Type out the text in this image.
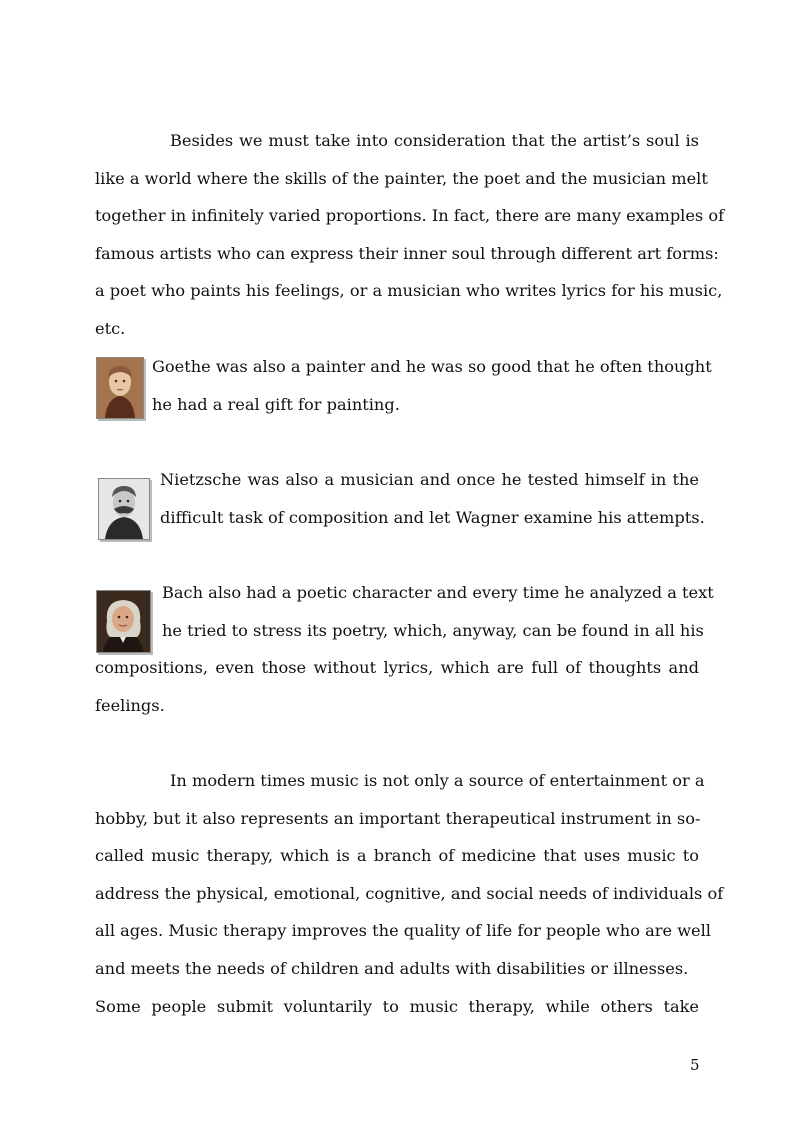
Besides we must take into consideration that the artist’s soul is
like a world where the skills of the painter, the poet and the musician melt
together in infinitely varied proportions. In fact, there are many examples of
famous artists who can express their inner soul through different art forms:
a poet who paints his feelings, or a musician who writes lyrics for his music,
etc.
Goethe was also a painter and he was so good that he often thought
he had a real gift for painting.
Nietzsche was also a musician and once he tested himself in the
difficult task of composition and let Wagner examine his attempts.
Bach also had a poetic character and every time he analyzed a text
he tried to stress its poetry, which, anyway, can be found in all his
compositions, even those without lyrics, which are full of thoughts and
feelings.
In modern times music is not only a source of entertainment or a
hobby, but it also represents an important therapeutical instrument in so-
called music therapy, which is a branch of medicine that uses music to
address the physical, emotional, cognitive, and social needs of individuals of
all ages. Music therapy improves the quality of life for people who are well
and meets the needs of children and adults with disabilities or illnesses.
Some people submit voluntarily to music therapy, while others take
5
